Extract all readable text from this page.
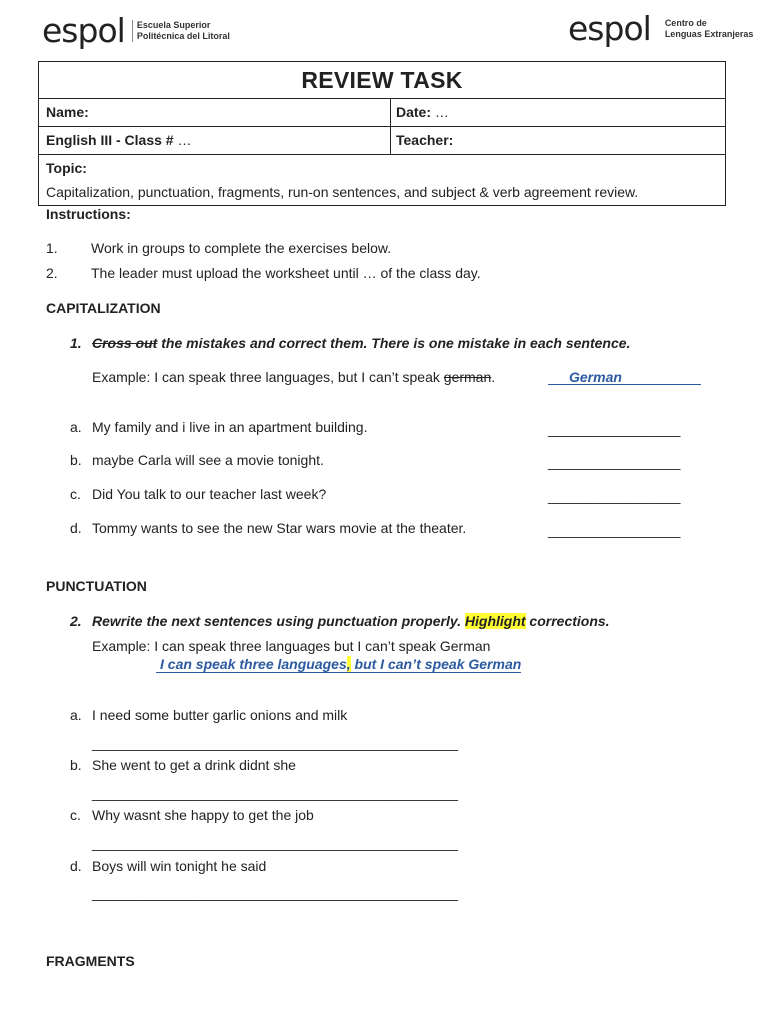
espol Escuela Superior
Politécnica del Litoral	espol Centro de
Lenguas Extranjeras
REVIEW TASK
Name:	Date: …
English III - Class # …	Teacher:
Topic:
Capitalization, punctuation, fragments, run-on sentences, and subject & verb agreement review.
Instructions:
1. Work in groups to complete the exercises below.
2. The leader must upload the worksheet until … of the class day.
CAPITALIZATION
1. Cross out the mistakes and correct them. There is one mistake in each sentence.
Example: I can speak three languages, but I can’t speak german.	German
a. My family and i live in an apartment building.	_________________
b. maybe Carla will see a movie tonight.	_________________
c. Did You talk to our teacher last week?	_________________
d. Tommy wants to see the new Star wars movie at the theater.	_________________
PUNCTUATION
2. Rewrite the next sentences using punctuation properly. Highlight corrections.
Example: I can speak three languages but I can’t speak German
I can speak three languages, but I can’t speak German
a. I need some butter garlic onions and milk
_______________________________________________
b. She went to get a drink didnt she
_______________________________________________
c. Why wasnt she happy to get the job
_______________________________________________
d. Boys will win tonight he said
_______________________________________________
FRAGMENTS
